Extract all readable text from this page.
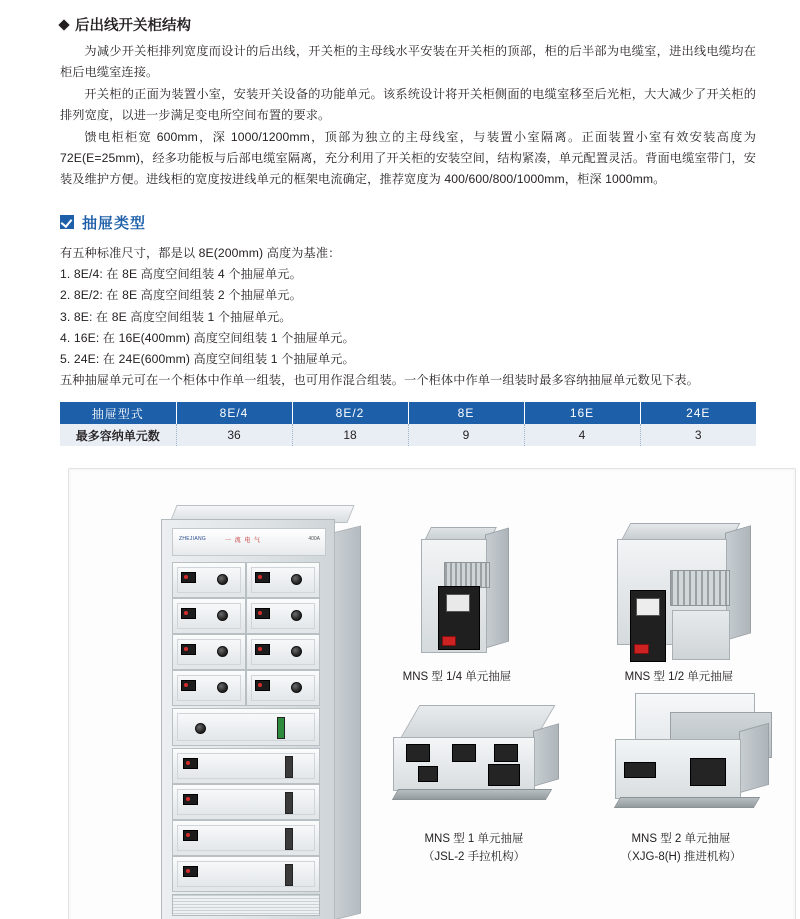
后出线开关柜结构

为减少开关柜排列宽度而设计的后出线，开关柜的主母线水平安装在开关柜的顶部，柜的后半部为电缆室，进出线电缆均在柜后电缆室连接。

开关柜的正面为装置小室，安装开关设备的功能单元。该系统设计将开关柜侧面的电缆室移至后光柜，大大减少了开关柜的排列宽度，以进一步满足变电所空间布置的要求。

馈电柜柜宽 600mm，深 1000/1200mm，顶部为独立的主母线室，与装置小室隔离。正面装置小室有效安装高度为 72E(E=25mm)，经多功能板与后部电缆室隔离，充分利用了开关柜的安装空间，结构紧凑，单元配置灵活。背面电缆室带门，安装及维护方便。进线柜的宽度按进线单元的框架电流确定，推荐宽度为 400/600/800/1000mm，柜深 1000mm。

抽屉类型

有五种标准尺寸，都是以 8E(200mm) 高度为基准：

1. 8E/4: 在 8E 高度空间组装 4 个抽屉单元。

2. 8E/2: 在 8E 高度空间组装 2 个抽屉单元。

3. 8E: 在 8E 高度空间组装 1 个抽屉单元。

4. 16E: 在 16E(400mm) 高度空间组装 1 个抽屉单元。

5. 24E: 在 24E(600mm) 高度空间组装 1 个抽屉单元。

五种抽屉单元可在一个柜体中作单一组装，也可用作混合组装。一个柜体中作单一组装时最多容纳抽屉单元数见下表。

抽屉型式	8E/4	8E/2	8E	16E	24E
最多容纳单元数	36	18	9	4	3
ZHEJIANG	一 流 电 气	400A
MNS 型 1/4 单元抽屉	MNS 型 1/2 单元抽屉
MNS 型 1 单元抽屉
（JSL-2 手拉机构）
MNS 型 2 单元抽屉
（XJG-8(H) 推进机构）
